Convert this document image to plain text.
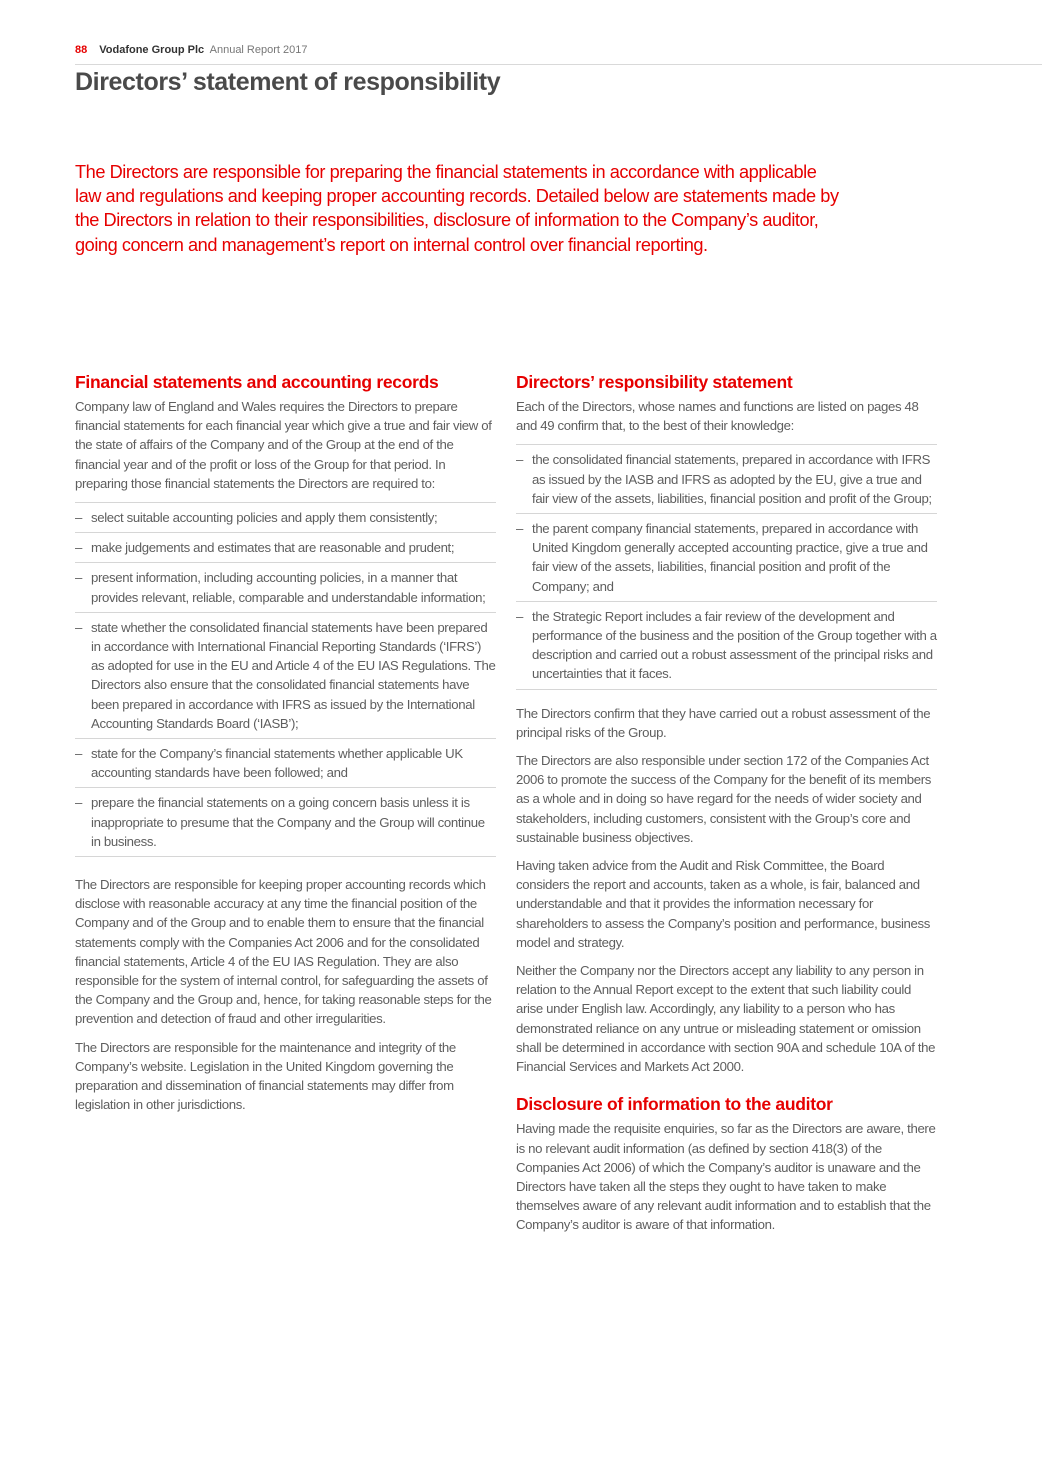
88 Vodafone Group Plc Annual Report 2017
Directors’ statement of responsibility

The Directors are responsible for preparing the financial statements in accordance with applicable law and regulations and keeping proper accounting records. Detailed below are statements made by the Directors in relation to their responsibilities, disclosure of information to the Company’s auditor, going concern and management’s report on internal control over financial reporting.

Financial statements and accounting records

Company law of England and Wales requires the Directors to prepare financial statements for each financial year which give a true and fair view of the state of affairs of the Company and of the Group at the end of the financial year and of the profit or loss of the Group for that period. In preparing those financial statements the Directors are required to:

– select suitable accounting policies and apply them consistently;
– make judgements and estimates that are reasonable and prudent;
– present information, including accounting policies, in a manner that provides relevant, reliable, comparable and understandable information;
– state whether the consolidated financial statements have been prepared in accordance with International Financial Reporting Standards (‘IFRS’) as adopted for use in the EU and Article 4 of the EU IAS Regulations. The Directors also ensure that the consolidated financial statements have been prepared in accordance with IFRS as issued by the International Accounting Standards Board (‘IASB’);
– state for the Company’s financial statements whether applicable UK accounting standards have been followed; and
– prepare the financial statements on a going concern basis unless it is inappropriate to presume that the Company and the Group will continue in business.

The Directors are responsible for keeping proper accounting records which disclose with reasonable accuracy at any time the financial position of the Company and of the Group and to enable them to ensure that the financial statements comply with the Companies Act 2006 and for the consolidated financial statements, Article 4 of the EU IAS Regulation. They are also responsible for the system of internal control, for safeguarding the assets of the Company and the Group and, hence, for taking reasonable steps for the prevention and detection of fraud and other irregularities.

The Directors are responsible for the maintenance and integrity of the Company’s website. Legislation in the United Kingdom governing the preparation and dissemination of financial statements may differ from legislation in other jurisdictions.

Directors’ responsibility statement

Each of the Directors, whose names and functions are listed on pages 48 and 49 confirm that, to the best of their knowledge:

– the consolidated financial statements, prepared in accordance with IFRS as issued by the IASB and IFRS as adopted by the EU, give a true and fair view of the assets, liabilities, financial position and profit of the Group;
– the parent company financial statements, prepared in accordance with United Kingdom generally accepted accounting practice, give a true and fair view of the assets, liabilities, financial position and profit of the Company; and
– the Strategic Report includes a fair review of the development and performance of the business and the position of the Group together with a description and carried out a robust assessment of the principal risks and uncertainties that it faces.

The Directors confirm that they have carried out a robust assessment of the principal risks of the Group.

The Directors are also responsible under section 172 of the Companies Act 2006 to promote the success of the Company for the benefit of its members as a whole and in doing so have regard for the needs of wider society and stakeholders, including customers, consistent with the Group’s core and sustainable business objectives.

Having taken advice from the Audit and Risk Committee, the Board considers the report and accounts, taken as a whole, is fair, balanced and understandable and that it provides the information necessary for shareholders to assess the Company’s position and performance, business model and strategy.

Neither the Company nor the Directors accept any liability to any person in relation to the Annual Report except to the extent that such liability could arise under English law. Accordingly, any liability to a person who has demonstrated reliance on any untrue or misleading statement or omission shall be determined in accordance with section 90A and schedule 10A of the Financial Services and Markets Act 2000.

Disclosure of information to the auditor

Having made the requisite enquiries, so far as the Directors are aware, there is no relevant audit information (as defined by section 418(3) of the Companies Act 2006) of which the Company’s auditor is unaware and the Directors have taken all the steps they ought to have taken to make themselves aware of any relevant audit information and to establish that the Company’s auditor is aware of that information.
